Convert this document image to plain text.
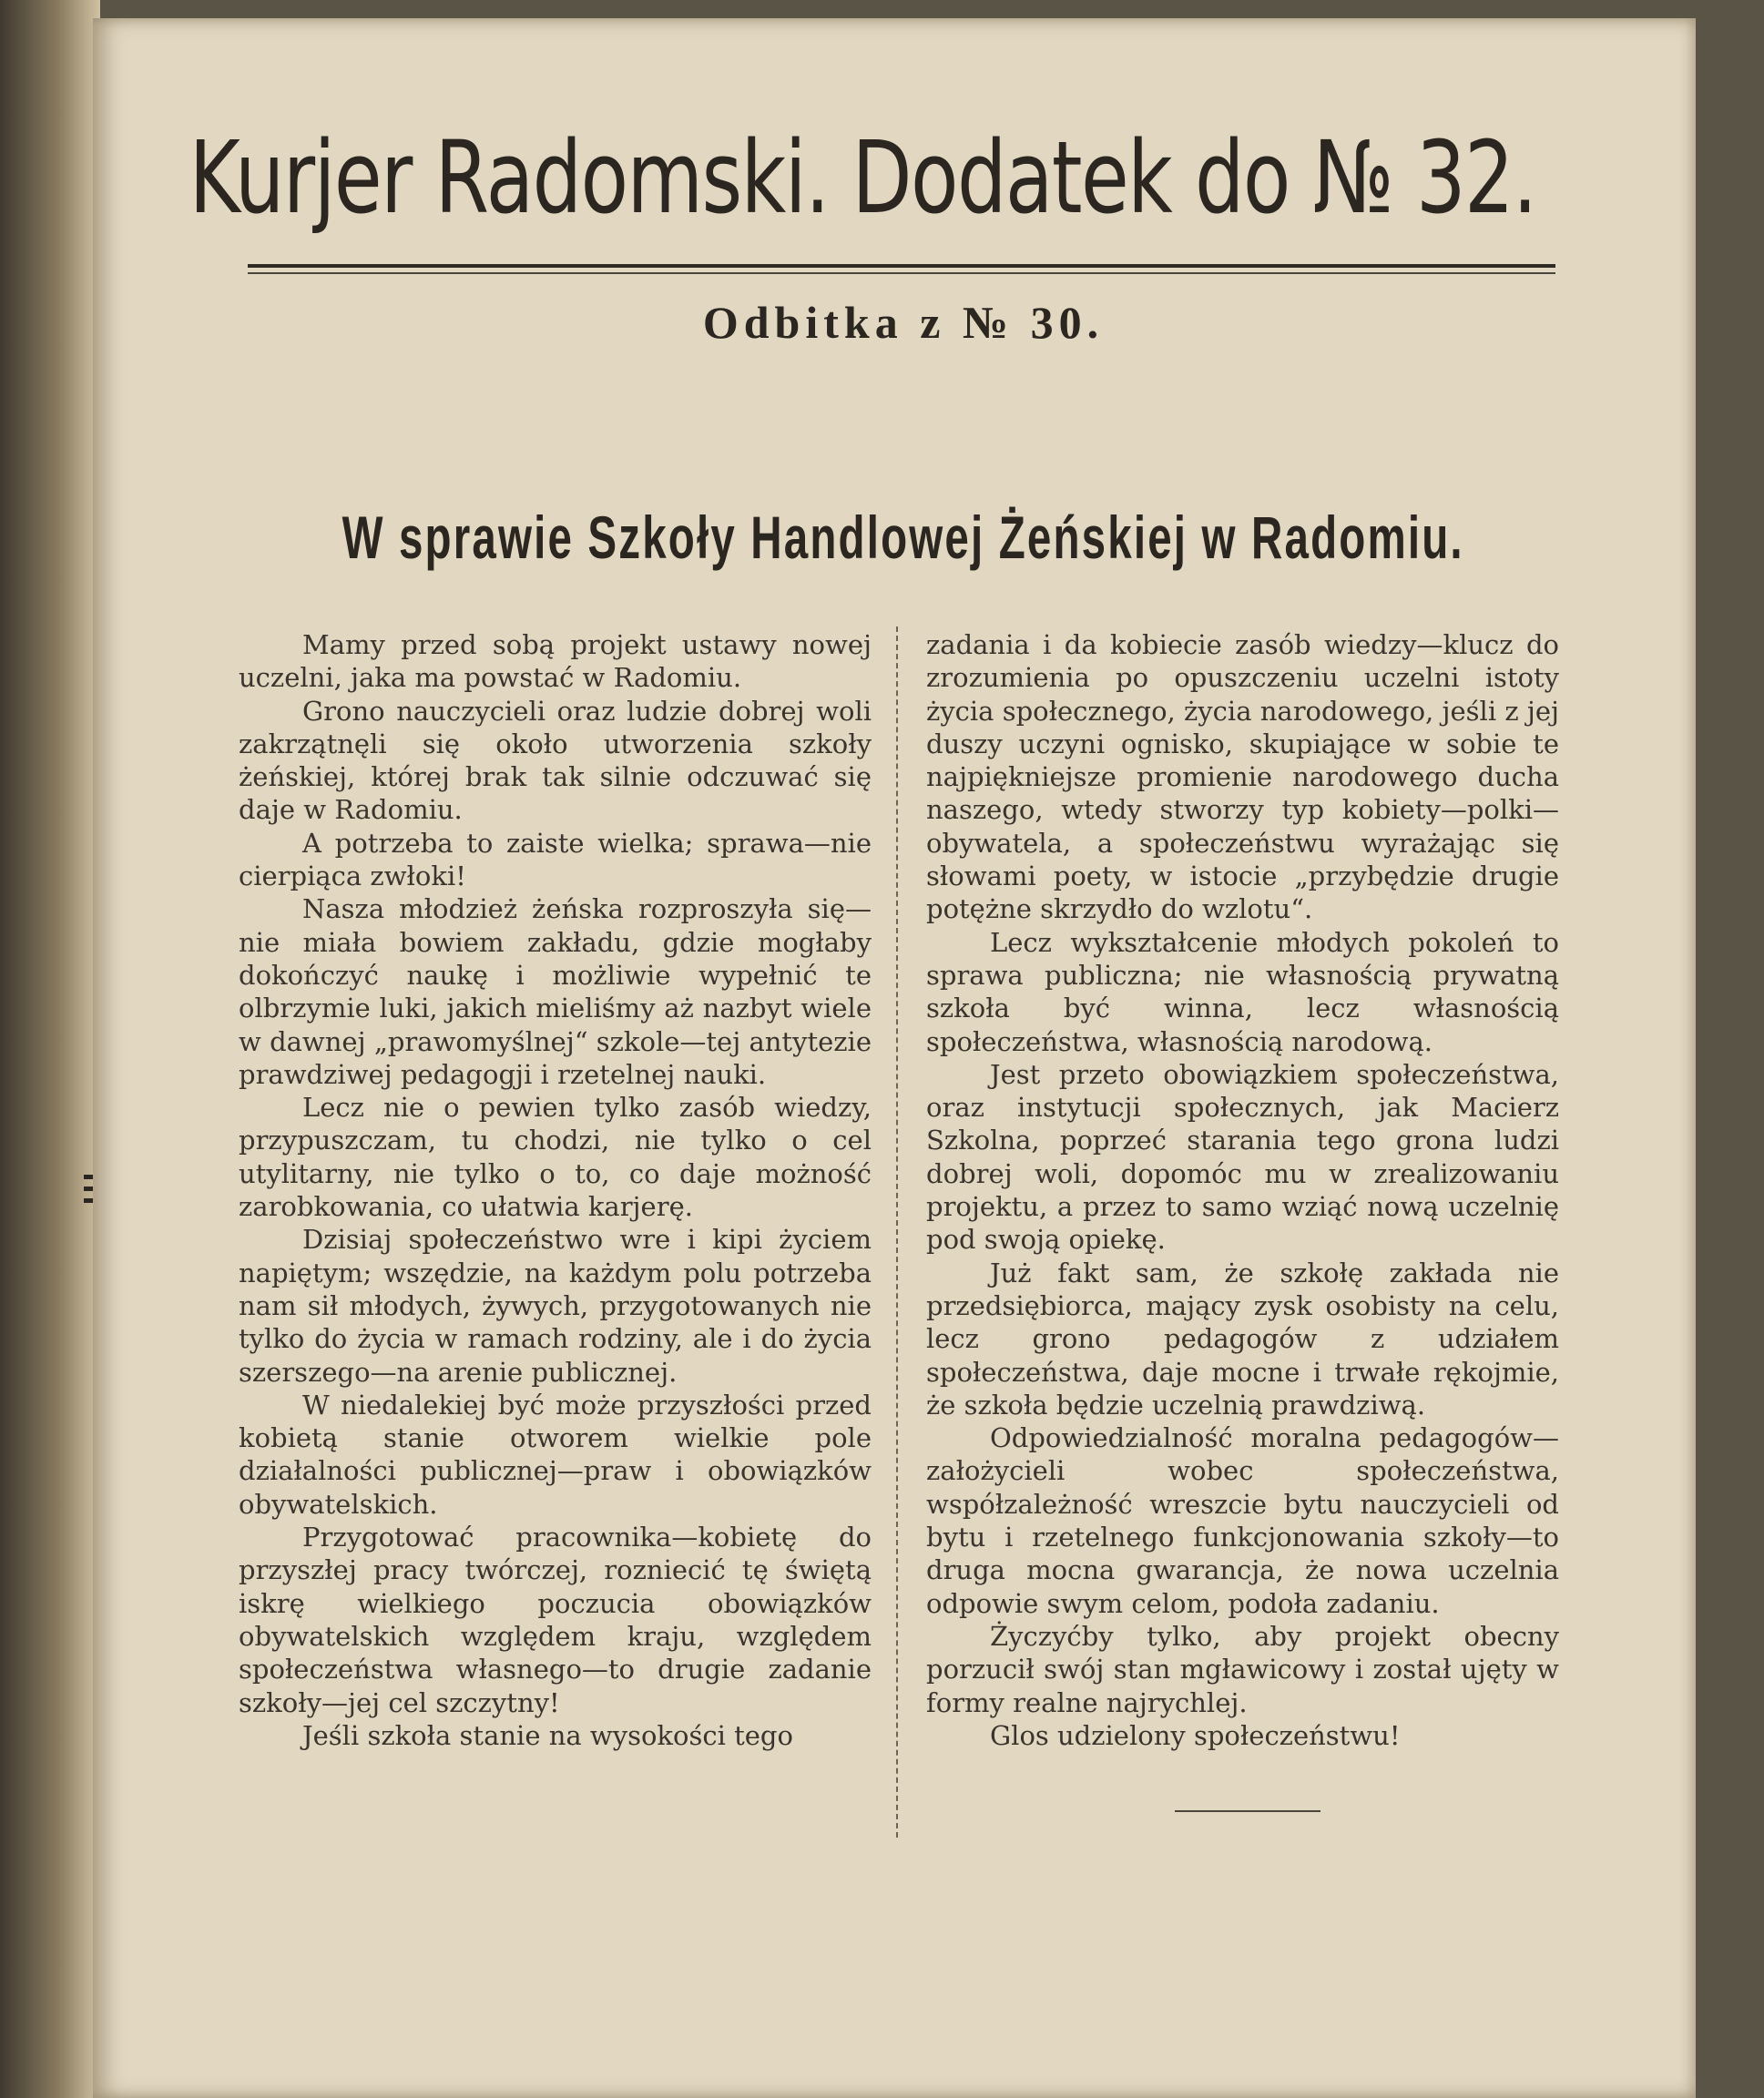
Kurjer Radomski. Dodatek do № 32.
Odbitka z № 30.
W sprawie Szkoły Handlowej Żeńskiej w Radomiu.

Mamy przed sobą projekt ustawy nowej uczelni, jaka ma powstać w Radomiu.

Grono nauczycieli oraz ludzie dobrej woli zakrzątnęli się około utworzenia szkoły żeńskiej, której brak tak silnie odczuwać się daje w Radomiu.

A potrzeba to zaiste wielka; sprawa—nie cierpiąca zwłoki!

Nasza młodzież żeńska rozproszyła się—nie miała bowiem zakładu, gdzie mogłaby dokończyć naukę i możliwie wypełnić te olbrzymie luki, jakich mieliśmy aż nazbyt wiele w dawnej „prawomyślnej“ szkole—tej antytezie prawdziwej pedagogji i rzetelnej nauki.

Lecz nie o pewien tylko zasób wiedzy, przypuszczam, tu chodzi, nie tylko o cel utylitarny, nie tylko o to, co daje możność zarobkowania, co ułatwia karjerę.

Dzisiaj społeczeństwo wre i kipi życiem napiętym; wszędzie, na każdym polu potrzeba nam sił młodych, żywych, przygotowanych nie tylko do życia w ramach rodziny, ale i do życia szerszego—na arenie publicznej.

W niedalekiej być może przyszłości przed kobietą stanie otworem wielkie pole działalności publicznej—praw i obowiązków obywatelskich.

Przygotować pracownika—kobietę do przyszłej pracy twórczej, rozniecić tę świętą iskrę wielkiego poczucia obowiązków obywatelskich względem kraju, względem społeczeństwa własnego—to drugie zadanie szkoły—jej cel szczytny!

Jeśli szkoła stanie na wysokości tego

zadania i da kobiecie zasób wiedzy—klucz do zrozumienia po opuszczeniu uczelni istoty życia społecznego, życia narodowego, jeśli z jej duszy uczyni ognisko, skupiające w sobie te najpiękniejsze promienie narodowego ducha naszego, wtedy stworzy typ kobiety—polki—obywatela, a społeczeństwu wyrażając się słowami poety, w istocie „przybędzie drugie potężne skrzydło do wzlotu“.

Lecz wykształcenie młodych pokoleń to sprawa publiczna; nie własnością prywatną szkoła być winna, lecz własnością społeczeństwa, własnością narodową.

Jest przeto obowiązkiem społeczeństwa, oraz instytucji społecznych, jak Macierz Szkolna, poprzeć starania tego grona ludzi dobrej woli, dopomóc mu w zrealizowaniu projektu, a przez to samo wziąć nową uczelnię pod swoją opiekę.

Już fakt sam, że szkołę zakłada nie przedsiębiorca, mający zysk osobisty na celu, lecz grono pedagogów z udziałem społeczeństwa, daje mocne i trwałe rękojmie, że szkoła będzie uczelnią prawdziwą.

Odpowiedzialność moralna pedagogów—założycieli wobec społeczeństwa, współzależność wreszcie bytu nauczycieli od bytu i rzetelnego funkcjonowania szkoły—to druga mocna gwarancja, że nowa uczelnia odpowie swym celom, podoła zadaniu.

Życzyćby tylko, aby projekt obecny porzucił swój stan mgławicowy i został ujęty w formy realne najrychlej.

Glos udzielony społeczeństwu!
